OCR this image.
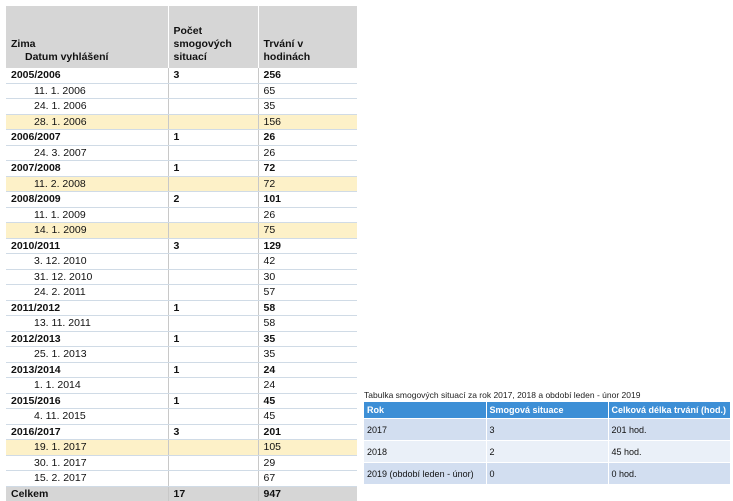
Zima
Datum vyhlášení	Počet smogových situací	Trvání v hodinách
2005/2006	3	256
11. 1. 2006		65
24. 1. 2006		35
28. 1. 2006		156
2006/2007	1	26
24. 3. 2007		26
2007/2008	1	72
11. 2. 2008		72
2008/2009	2	101
11. 1. 2009		26
14. 1. 2009		75
2010/2011	3	129
3. 12. 2010		42
31. 12. 2010		30
24. 2. 2011		57
2011/2012	1	58
13. 11. 2011		58
2012/2013	1	35
25. 1. 2013		35
2013/2014	1	24
1. 1. 2014		24
2015/2016	1	45
4. 11. 2015		45
2016/2017	3	201
19. 1. 2017		105
30. 1. 2017		29
15. 2. 2017		67
Celkem	17	947
Tabulka smogových situací za rok 2017, 2018 a období leden - únor 2019
Rok	Smogová situace	Celková délka trvání (hod.)
2017	3	201 hod.
2018	2	45 hod.
2019 (období leden - únor)	0	0 hod.
